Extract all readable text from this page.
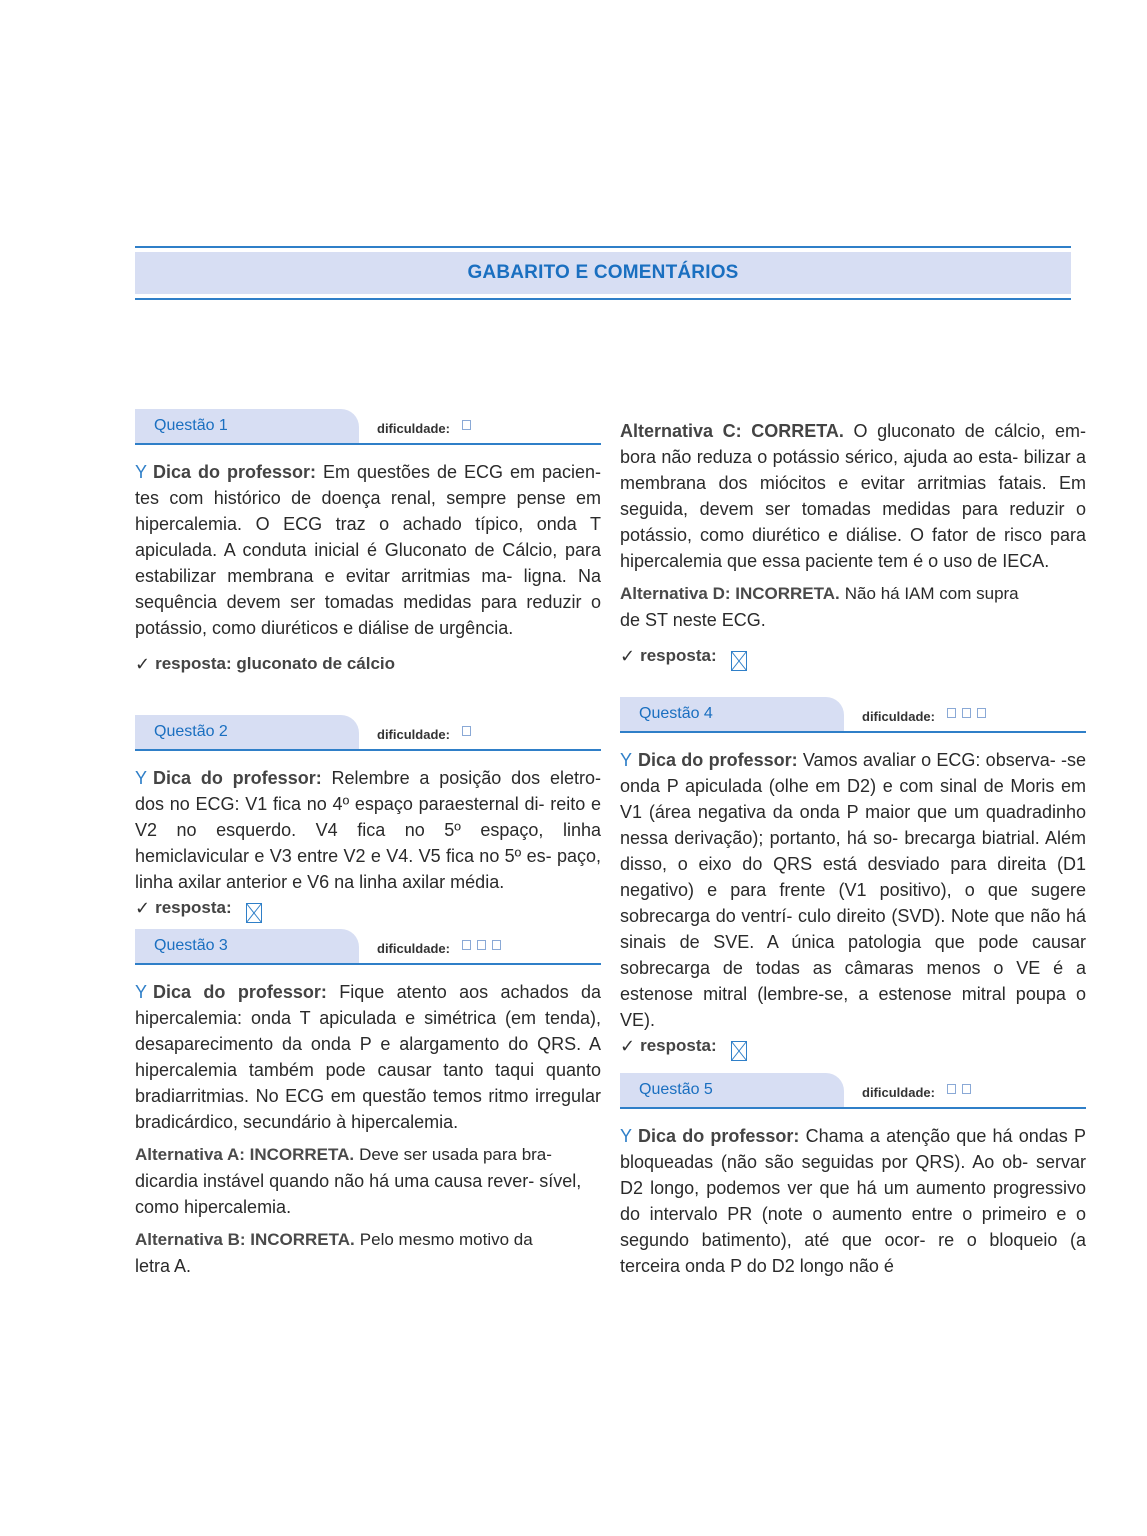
GABARITO E COMENTÁRIOS
Questão 1	dificuldade:

Y Dica do professor: Em questões de ECG em pacien- tes com histórico de doença renal, sempre pense em hipercalemia. O ECG traz o achado típico, onda T apiculada. A conduta inicial é Gluconato de Cálcio, para estabilizar membrana e evitar arritmias ma- ligna. Na sequência devem ser tomadas medidas para reduzir o potássio, como diuréticos e diálise de urgência.

✓ resposta: gluconato de cálcio
Questão 2	dificuldade:

Y Dica do professor: Relembre a posição dos eletro- dos no ECG: V1 fica no 4º espaço paraesternal di- reito e V2 no esquerdo. V4 fica no 5º espaço, linha hemiclavicular e V3 entre V2 e V4. V5 fica no 5º es- paço, linha axilar anterior e V6 na linha axilar média.

✓ resposta:
Questão 3	dificuldade:

Y Dica do professor: Fique atento aos achados da hipercalemia: onda T apiculada e simétrica (em tenda), desaparecimento da onda P e alargamento do QRS. A hipercalemia também pode causar tanto taqui quanto bradiarritmias. No ECG em questão temos ritmo irregular bradicárdico, secundário à hipercalemia.

Alternativa A: INCORRETA. Deve ser usada para bra-
dicardia instável quando não há uma causa rever- sível, como hipercalemia.

Alternativa B: INCORRETA. Pelo mesmo motivo da
letra A.

Alternativa C: CORRETA. O gluconato de cálcio, em- bora não reduza o potássio sérico, ajuda ao esta- bilizar a membrana dos miócitos e evitar arritmias fatais. Em seguida, devem ser tomadas medidas para reduzir o potássio, como diurético e diálise. O fator de risco para hipercalemia que essa paciente tem é o uso de IECA.

Alternativa D: INCORRETA. Não há IAM com supra
de ST neste ECG.

✓ resposta:
Questão 4	dificuldade:

Y Dica do professor: Vamos avaliar o ECG: observa- -se onda P apiculada (olhe em D2) e com sinal de Moris em V1 (área negativa da onda P maior que um quadradinho nessa derivação); portanto, há so- brecarga biatrial. Além disso, o eixo do QRS está desviado para direita (D1 negativo) e para frente (V1 positivo), o que sugere sobrecarga do ventrí- culo direito (SVD). Note que não há sinais de SVE. A única patologia que pode causar sobrecarga de todas as câmaras menos o VE é a estenose mitral (lembre-se, a estenose mitral poupa o VE).

✓ resposta:
Questão 5	dificuldade:

Y Dica do professor: Chama a atenção que há ondas P bloqueadas (não são seguidas por QRS). Ao ob- servar D2 longo, podemos ver que há um aumento progressivo do intervalo PR (note o aumento entre o primeiro e o segundo batimento), até que ocor- re o bloqueio (a terceira onda P do D2 longo não é
